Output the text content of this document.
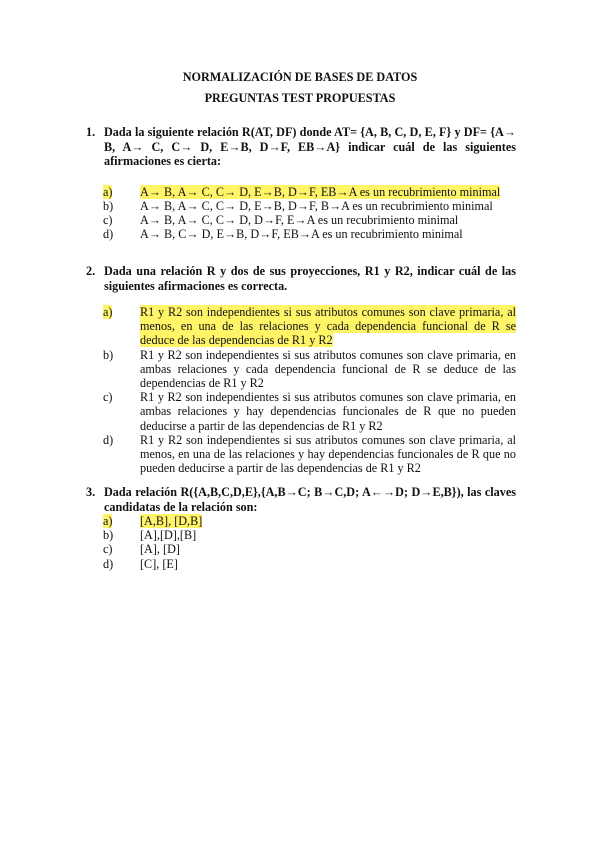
NORMALIZACIÓN DE BASES DE DATOS
PREGUNTAS TEST PROPUESTAS
1. Dada la siguiente relación R(AT, DF) donde AT= {A, B, C, D, E, F} y DF= {A→ B, A→ C, C→ D, E→B, D→F, EB→A} indicar cuál de las siguientes afirmaciones es cierta:
a)	A→ B, A→ C, C→ D, E→B, D→F, EB→A es un recubrimiento minimal
b)	A→ B, A→ C, C→ D, E→B, D→F, B→A es un recubrimiento minimal
c)	A→ B, A→ C, C→ D, D→F, E→A es un recubrimiento minimal
d)	A→ B, C→ D, E→B, D→F, EB→A es un recubrimiento minimal
2. Dada una relación R y dos de sus proyecciones, R1 y R2, indicar cuál de las siguientes afirmaciones es correcta.
a)	R1 y R2 son independientes si sus atributos comunes son clave primaria, al menos, en una de las relaciones y cada dependencia funcional de R se deduce de las dependencias de R1 y R2
b)	R1 y R2 son independientes si sus atributos comunes son clave primaria, en ambas relaciones y cada dependencia funcional de R se deduce de las dependencias de R1 y R2
c)	R1 y R2 son independientes si sus atributos comunes son clave primaria, en ambas relaciones y hay dependencias funcionales de R que no pueden deducirse a partir de las dependencias de R1 y R2
d)	R1 y R2 son independientes si sus atributos comunes son clave primaria, al menos, en una de las relaciones y hay dependencias funcionales de R que no pueden deducirse a partir de las dependencias de R1 y R2
3. Dada relación R({A,B,C,D,E},{A,B→C; B→C,D; A←→D; D→E,B}), las claves candidatas de la relación son:
a)	[A,B], [D,B]
b)	[A],[D],[B]
c)	[A], [D]
d)	[C], [E]
